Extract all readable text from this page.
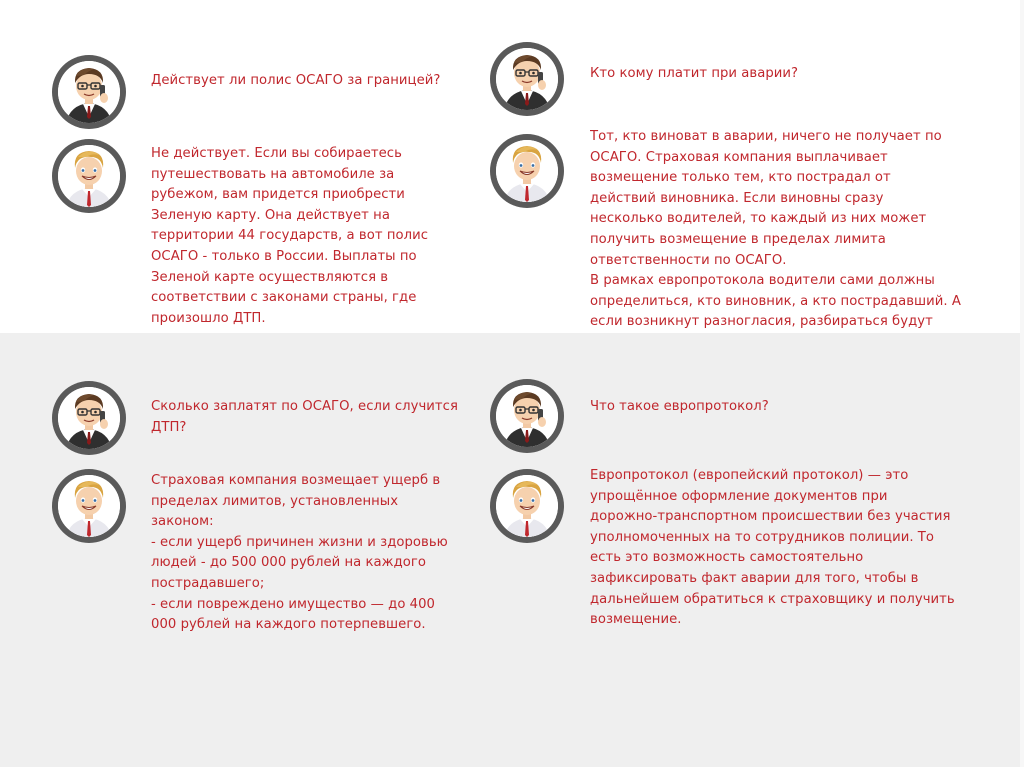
Действует ли полис ОСАГО за границей?
Не действует. Если вы собираетесь
путешествовать на автомобиле за
рубежом, вам придется приобрести
Зеленую карту. Она действует на
территории 44 государств, а вот полис
ОСАГО - только в России. Выплаты по
Зеленой карте осуществляются в
соответствии с законами страны, где
произошло ДТП.
Кто кому платит при аварии?
Тот, кто виноват в аварии, ничего не получает по
ОСАГО. Страховая компания выплачивает
возмещение только тем, кто пострадал от
действий виновника. Если виновны сразу
несколько водителей, то каждый из них может
получить возмещение в пределах лимита
ответственности по ОСАГО.
В рамках европротокола водители сами должны
определиться, кто виновник, а кто пострадавший. А
если возникнут разногласия, разбираться будут
Сколько заплатят по ОСАГО, если случится
ДТП?
Страховая компания возмещает ущерб в
пределах лимитов, установленных
законом:
- если ущерб причинен жизни и здоровью
людей - до 500 000 рублей на каждого
пострадавшего;
- если повреждено имущество — до 400
000 рублей на каждого потерпевшего.
Что такое европротокол?
Европротокол (европейский протокол) — это
упрощённое оформление документов при
дорожно-транспортном происшествии без участия
уполномоченных на то сотрудников полиции. То
есть это возможность самостоятельно
зафиксировать факт аварии для того, чтобы в
дальнейшем обратиться к страховщику и получить
возмещение.
